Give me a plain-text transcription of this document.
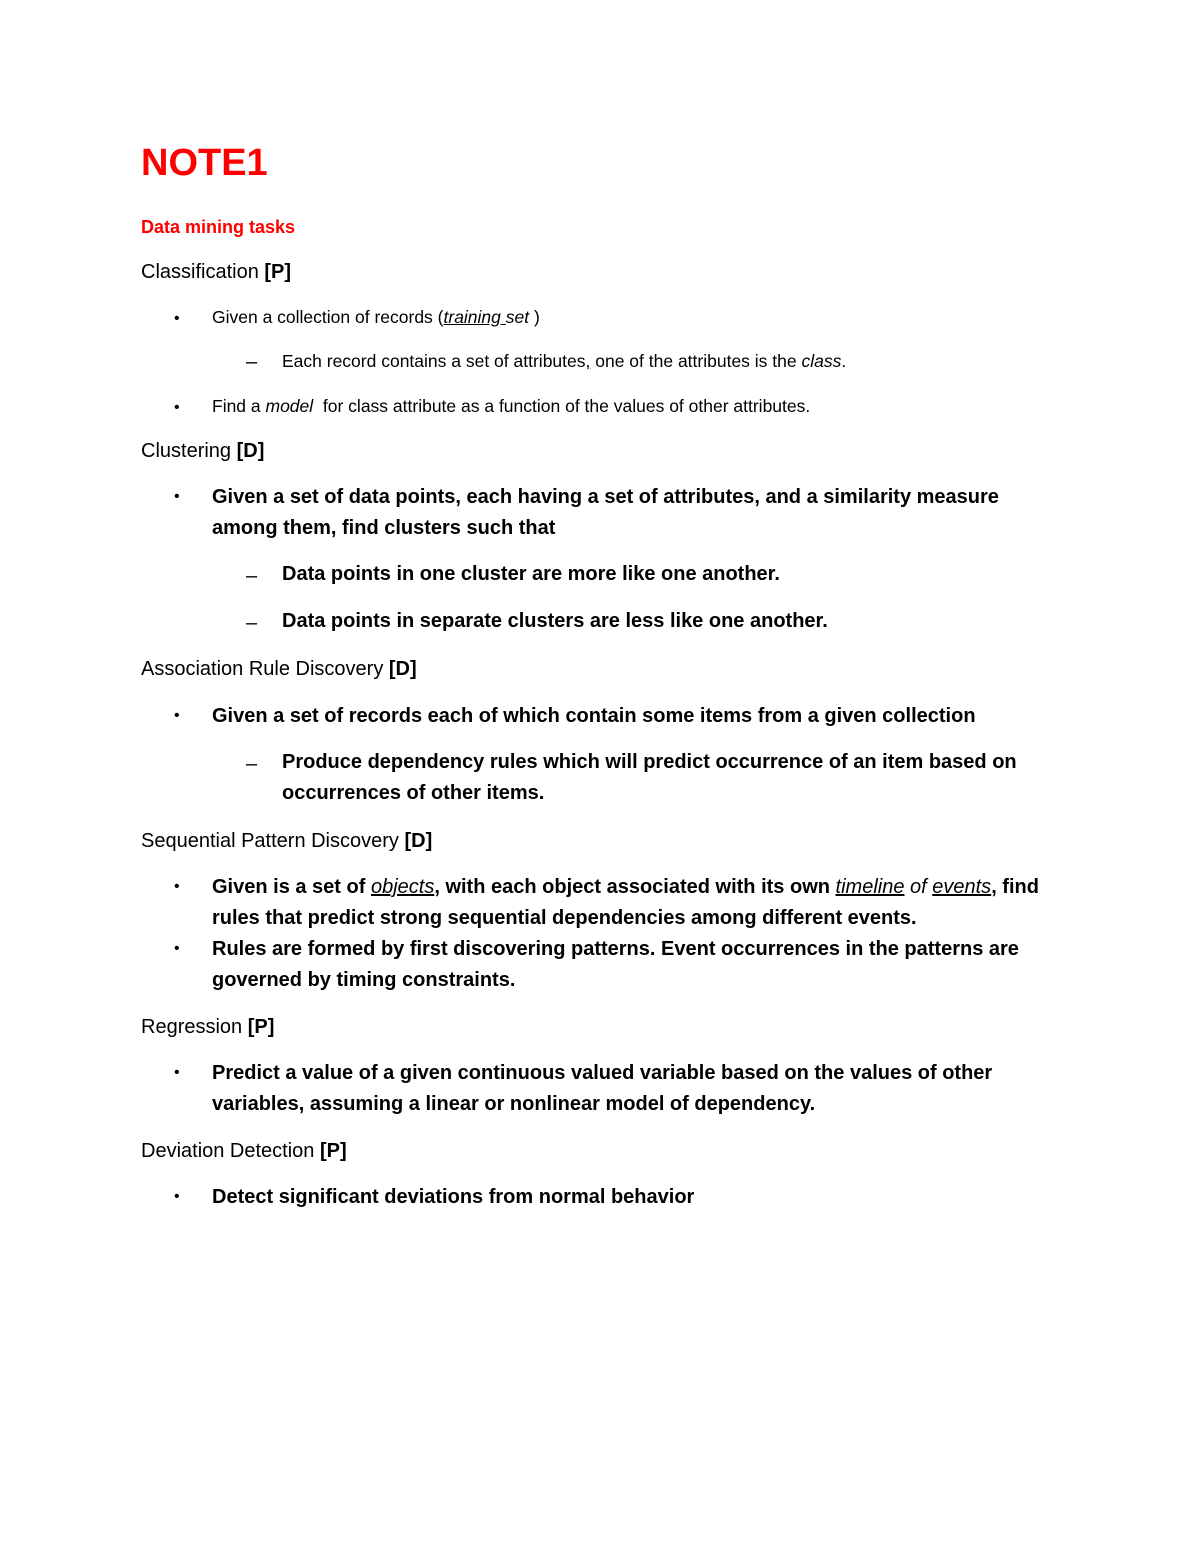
NOTE1
Data mining tasks
Classification [P]
• Given a collection of records (training set )
– Each record contains a set of attributes, one of the attributes is the class.
• Find a model  for class attribute as a function of the values of other attributes.
Clustering [D]
• Given a set of data points, each having a set of attributes, and a similarity measure among them, find clusters such that
– Data points in one cluster are more like one another.
– Data points in separate clusters are less like one another.
Association Rule Discovery [D]
• Given a set of records each of which contain some items from a given collection
– Produce dependency rules which will predict occurrence of an item based on occurrences of other items.
Sequential Pattern Discovery [D]
• Given is a set of objects, with each object associated with its own timeline of events, find rules that predict strong sequential dependencies among different events.
• Rules are formed by first discovering patterns. Event occurrences in the patterns are governed by timing constraints.
Regression [P]
• Predict a value of a given continuous valued variable based on the values of other variables, assuming a linear or nonlinear model of dependency.
Deviation Detection [P]
• Detect significant deviations from normal behavior
